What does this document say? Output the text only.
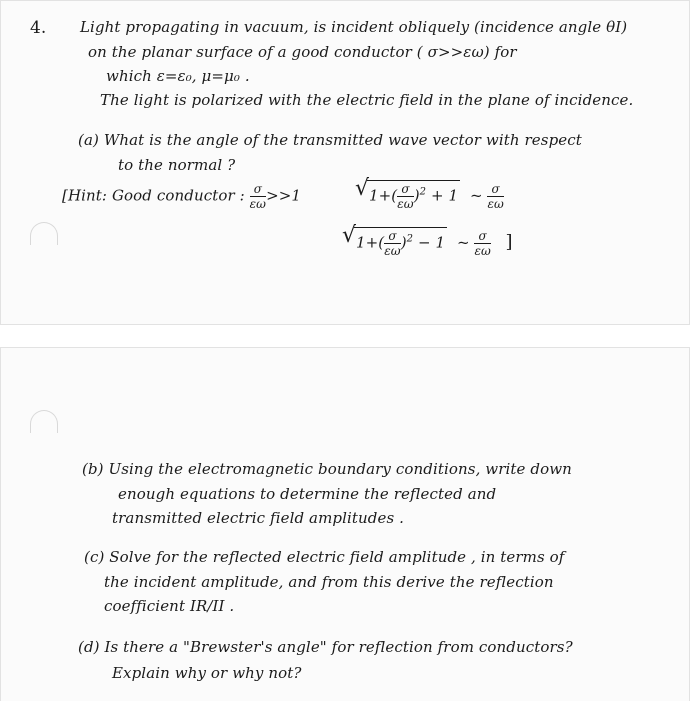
4. Light propagating in vacuum, is incident obliquely (incidence angle θI)
on the planar surface of a good conductor ( σ>>εω) for
which ε=ε₀, μ=μ₀ .
The light is polarized with the electric field in the plane of incidence.
(a) What is the angle of the transmitted wave vector with respect
to the normal ?
[Hint: Good conductor : $\frac{\sigma}{\varepsilon\omega} >>1$ √ $1+( \frac{\sigma}{\varepsilon\omega} )^2 + 1$ ~ $\frac{\sigma}{\varepsilon\omega}$
√ $1+( \frac{\sigma}{\varepsilon\omega} )^2 - 1$ ~ $\frac{\sigma}{\varepsilon\omega}$ ]
(b) Using the electromagnetic boundary conditions, write down
enough equations to determine the reflected and
transmitted electric field amplitudes .
(c) Solve for the reflected electric field amplitude , in terms of
the incident amplitude, and from this derive the reflection
coefficient IR/II .
(d) Is there a "Brewster's angle" for reflection from conductors?
Explain why or why not?
